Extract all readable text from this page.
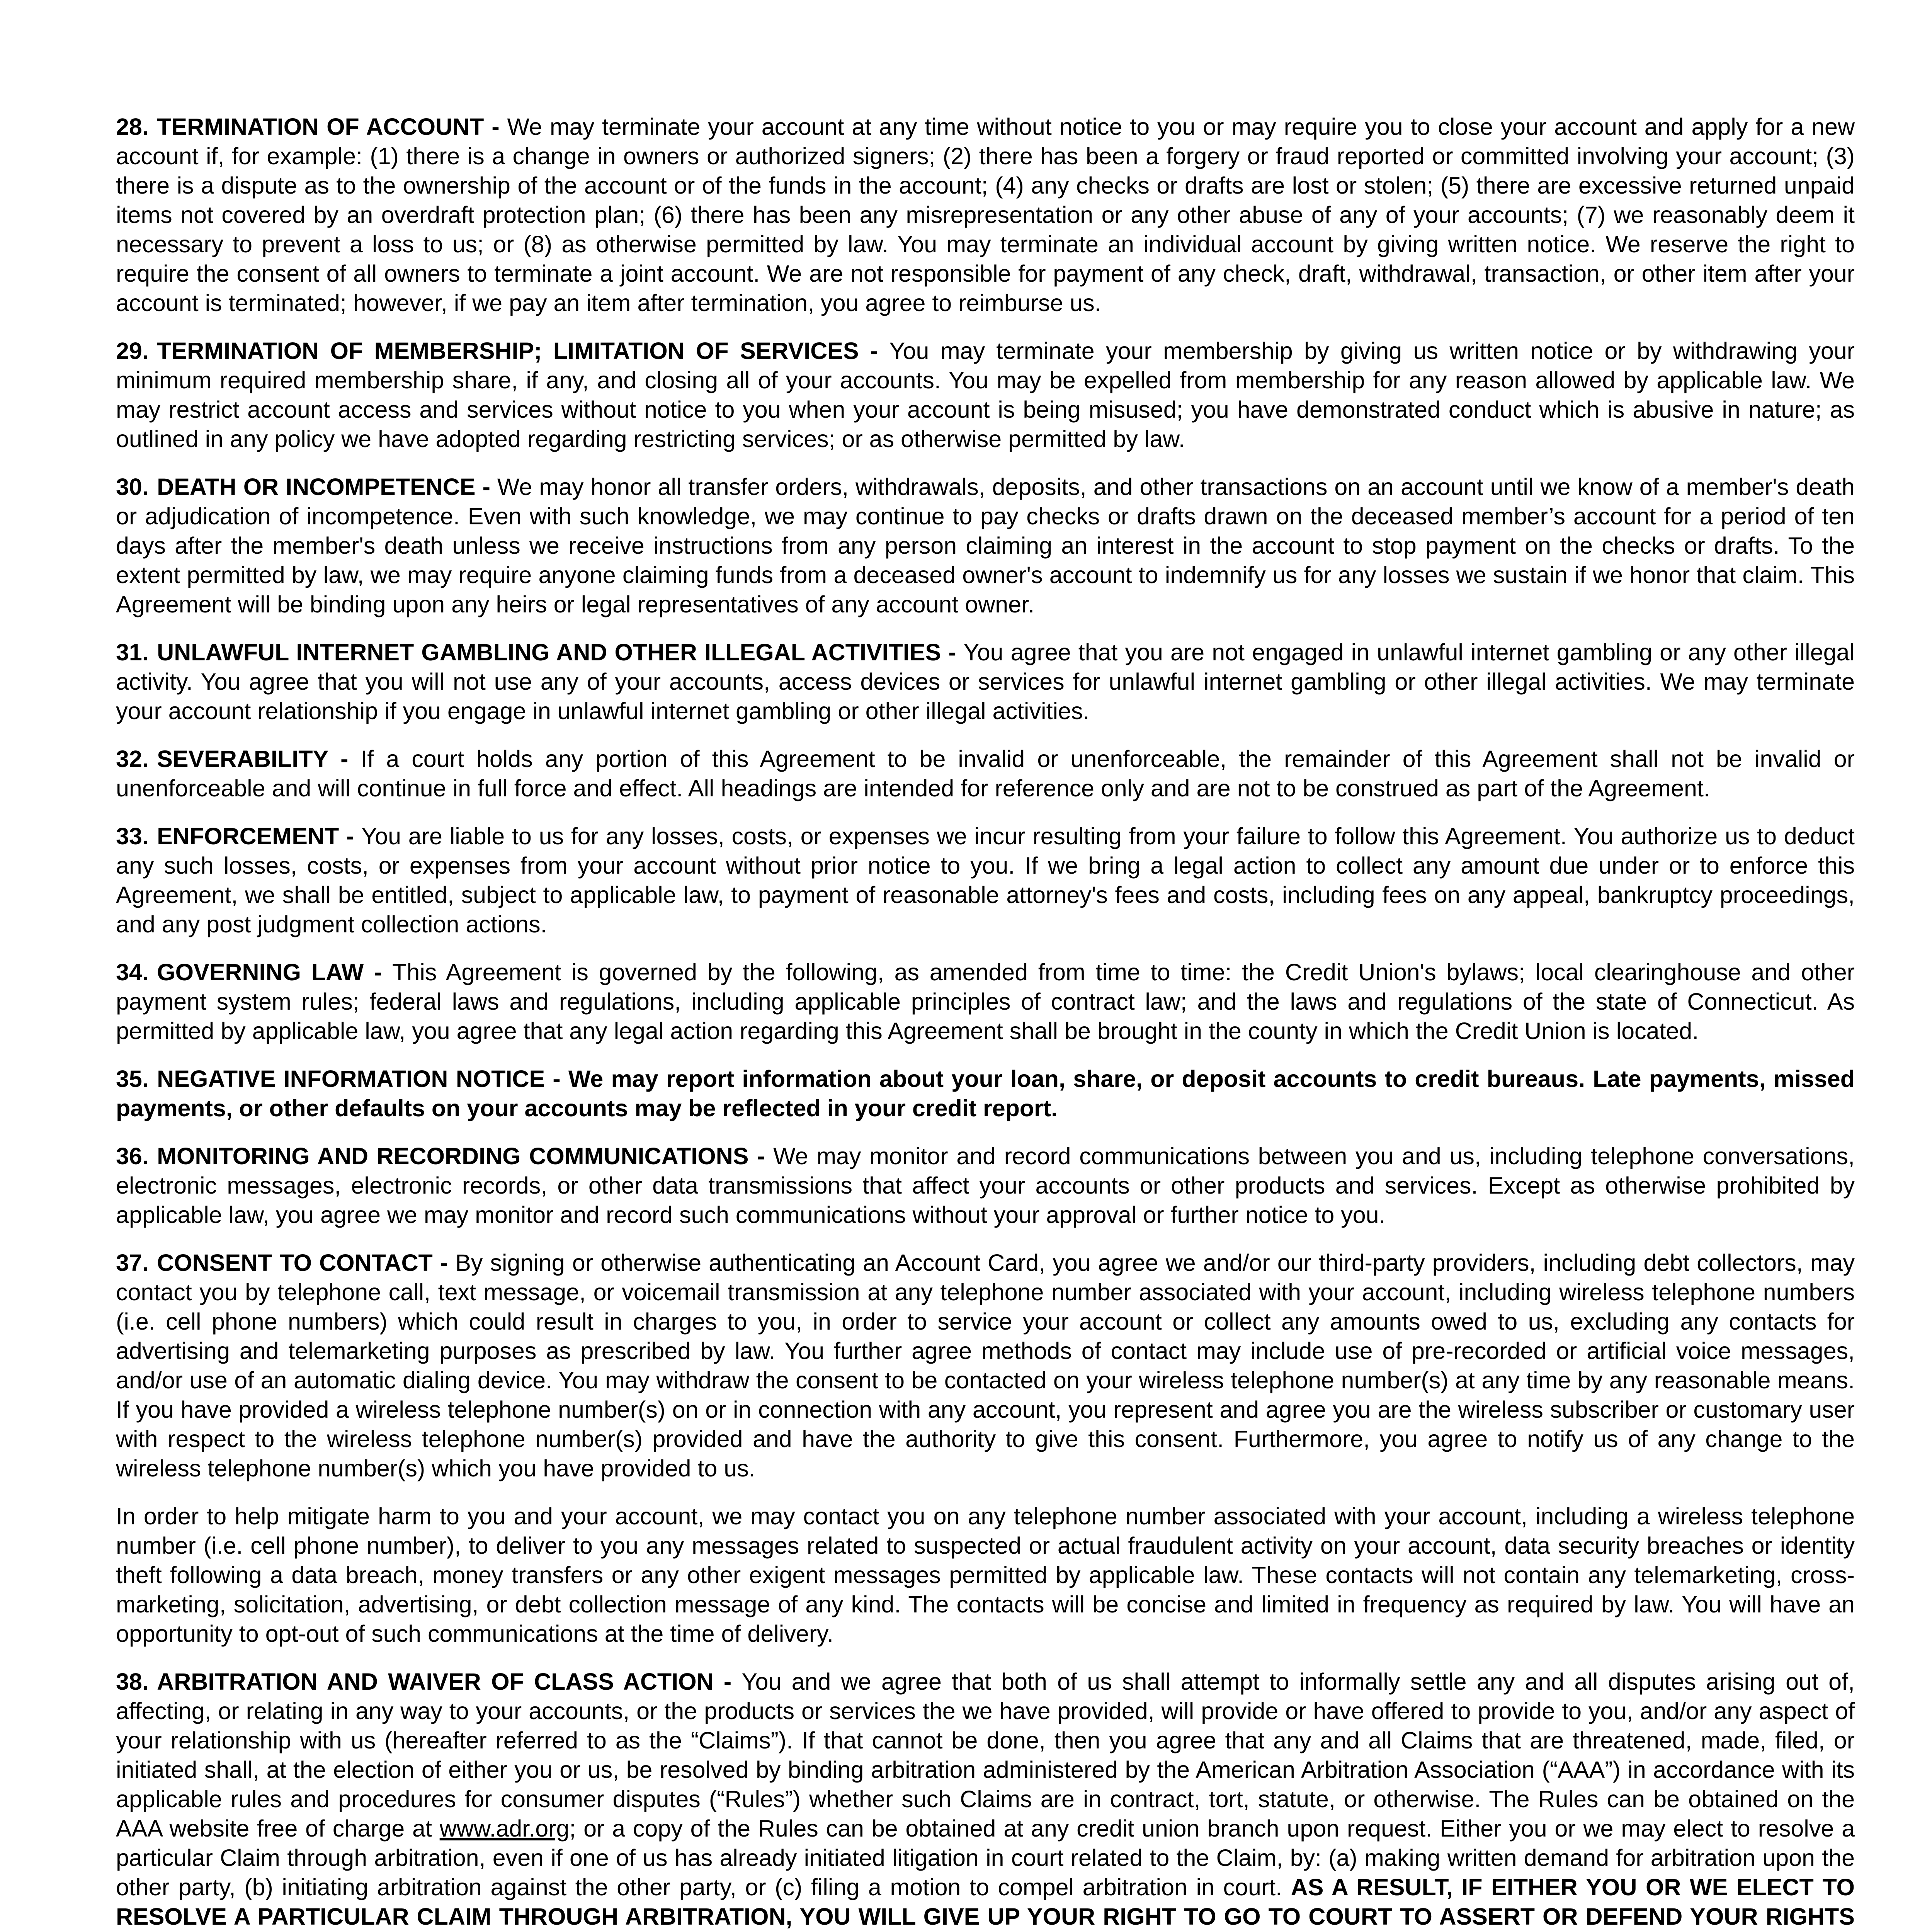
28. TERMINATION OF ACCOUNT - We may terminate your account at any time without notice to you or may require you to close your account and apply for a new account if, for example: (1) there is a change in owners or authorized signers; (2) there has been a forgery or fraud reported or committed involving your account; (3) there is a dispute as to the ownership of the account or of the funds in the account; (4) any checks or drafts are lost or stolen; (5) there are excessive returned unpaid items not covered by an overdraft protection plan; (6) there has been any misrepresentation or any other abuse of any of your accounts; (7) we reasonably deem it necessary to prevent a loss to us; or (8) as otherwise permitted by law. You may terminate an individual account by giving written notice. We reserve the right to require the consent of all owners to terminate a joint account. We are not responsible for payment of any check, draft, withdrawal, transaction, or other item after your account is terminated; however, if we pay an item after termination, you agree to reimburse us.

29. TERMINATION OF MEMBERSHIP; LIMITATION OF SERVICES - You may terminate your membership by giving us written notice or by withdrawing your minimum required membership share, if any, and closing all of your accounts. You may be expelled from membership for any reason allowed by applicable law. We may restrict account access and services without notice to you when your account is being misused; you have demonstrated conduct which is abusive in nature; as outlined in any policy we have adopted regarding restricting services; or as otherwise permitted by law.

30. DEATH OR INCOMPETENCE - We may honor all transfer orders, withdrawals, deposits, and other transactions on an account until we know of a member's death or adjudication of incompetence. Even with such knowledge, we may continue to pay checks or drafts drawn on the deceased member’s account for a period of ten days after the member's death unless we receive instructions from any person claiming an interest in the account to stop payment on the checks or drafts. To the extent permitted by law, we may require anyone claiming funds from a deceased owner's account to indemnify us for any losses we sustain if we honor that claim. This Agreement will be binding upon any heirs or legal representatives of any account owner.

31. UNLAWFUL INTERNET GAMBLING AND OTHER ILLEGAL ACTIVITIES - You agree that you are not engaged in unlawful internet gambling or any other illegal activity. You agree that you will not use any of your accounts, access devices or services for unlawful internet gambling or other illegal activities. We may terminate your account relationship if you engage in unlawful internet gambling or other illegal activities.

32. SEVERABILITY - If a court holds any portion of this Agreement to be invalid or unenforceable, the remainder of this Agreement shall not be invalid or unenforceable and will continue in full force and effect. All headings are intended for reference only and are not to be construed as part of the Agreement.

33. ENFORCEMENT - You are liable to us for any losses, costs, or expenses we incur resulting from your failure to follow this Agreement. You authorize us to deduct any such losses, costs, or expenses from your account without prior notice to you. If we bring a legal action to collect any amount due under or to enforce this Agreement, we shall be entitled, subject to applicable law, to payment of reasonable attorney's fees and costs, including fees on any appeal, bankruptcy proceedings, and any post judgment collection actions.

34. GOVERNING LAW - This Agreement is governed by the following, as amended from time to time: the Credit Union's bylaws; local clearinghouse and other payment system rules; federal laws and regulations, including applicable principles of contract law; and the laws and regulations of the state of Connecticut. As permitted by applicable law, you agree that any legal action regarding this Agreement shall be brought in the county in which the Credit Union is located.

35. NEGATIVE INFORMATION NOTICE - We may report information about your loan, share, or deposit accounts to credit bureaus. Late payments, missed payments, or other defaults on your accounts may be reflected in your credit report.

36. MONITORING AND RECORDING COMMUNICATIONS - We may monitor and record communications between you and us, including telephone conversations, electronic messages, electronic records, or other data transmissions that affect your accounts or other products and services. Except as otherwise prohibited by applicable law, you agree we may monitor and record such communications without your approval or further notice to you.

37. CONSENT TO CONTACT - By signing or otherwise authenticating an Account Card, you agree we and/or our third-party providers, including debt collectors, may contact you by telephone call, text message, or voicemail transmission at any telephone number associated with your account, including wireless telephone numbers (i.e. cell phone numbers) which could result in charges to you, in order to service your account or collect any amounts owed to us, excluding any contacts for advertising and telemarketing purposes as prescribed by law. You further agree methods of contact may include use of pre-recorded or artificial voice messages, and/or use of an automatic dialing device. You may withdraw the consent to be contacted on your wireless telephone number(s) at any time by any reasonable means. If you have provided a wireless telephone number(s) on or in connection with any account, you represent and agree you are the wireless subscriber or customary user with respect to the wireless telephone number(s) provided and have the authority to give this consent. Furthermore, you agree to notify us of any change to the wireless telephone number(s) which you have provided to us.

In order to help mitigate harm to you and your account, we may contact you on any telephone number associated with your account, including a wireless telephone number (i.e. cell phone number), to deliver to you any messages related to suspected or actual fraudulent activity on your account, data security breaches or identity theft following a data breach, money transfers or any other exigent messages permitted by applicable law. These contacts will not contain any telemarketing, cross-marketing, solicitation, advertising, or debt collection message of any kind. The contacts will be concise and limited in frequency as required by law. You will have an opportunity to opt-out of such communications at the time of delivery.

38. ARBITRATION AND WAIVER OF CLASS ACTION - You and we agree that both of us shall attempt to informally settle any and all disputes arising out of, affecting, or relating in any way to your accounts, or the products or services the we have provided, will provide or have offered to provide to you, and/or any aspect of your relationship with us (hereafter referred to as the “Claims”). If that cannot be done, then you agree that any and all Claims that are threatened, made, filed, or initiated shall, at the election of either you or us, be resolved by binding arbitration administered by the American Arbitration Association (“AAA”) in accordance with its applicable rules and procedures for consumer disputes (“Rules”) whether such Claims are in contract, tort, statute, or otherwise. The Rules can be obtained on the AAA website free of charge at www.adr.org; or a copy of the Rules can be obtained at any credit union branch upon request. Either you or we may elect to resolve a particular Claim through arbitration, even if one of us has already initiated litigation in court related to the Claim, by: (a) making written demand for arbitration upon the other party, (b) initiating arbitration against the other party, or (c) filing a motion to compel arbitration in court. AS A RESULT, IF EITHER YOU OR WE ELECT TO RESOLVE A PARTICULAR CLAIM THROUGH ARBITRATION, YOU WILL GIVE UP YOUR RIGHT TO GO TO COURT TO ASSERT OR DEFEND YOUR RIGHTS
